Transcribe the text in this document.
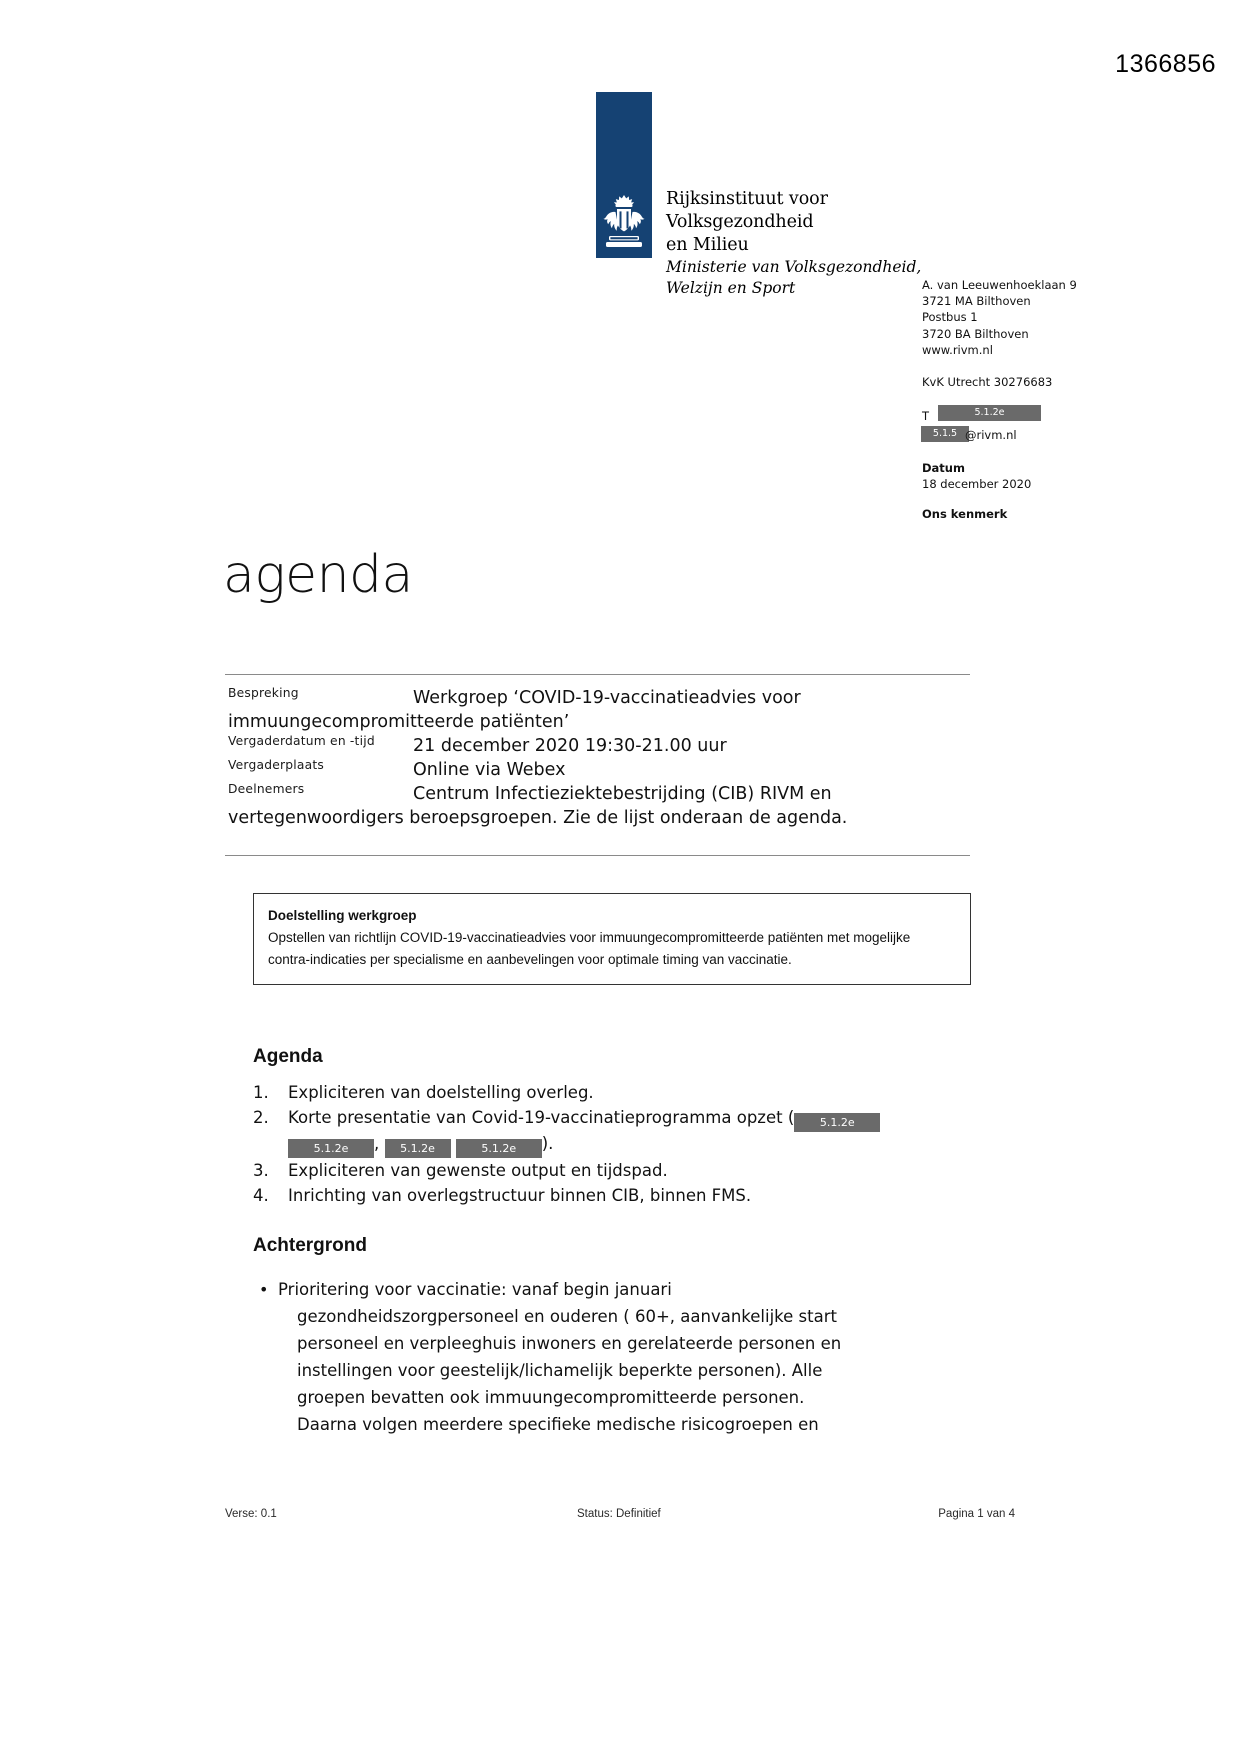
1366856
Rijksinstituut voor Volksgezondheid
en Milieu
Ministerie van Volksgezondheid,
Welzijn en Sport	A. van Leeuwenhoeklaan 9
3721 MA Bilthoven
Postbus 1
3720 BA Bilthoven
www.rivm.nl
KvK Utrecht 30276683
T	5.1.2e
5.1.5 @rivm.nl
Datum
18 december 2020
Ons kenmerk
agenda
Bespreking	Werkgroep ‘COVID-19-vaccinatieadvies voor immuungecompromitteerde patiënten’
Vergaderdatum en -tijd	21 december 2020 19:30-21.00 uur
Vergaderplaats	Online via Webex
Deelnemers	Centrum Infectieziektebestrijding (CIB) RIVM en vertegenwoordigers beroepsgroepen. Zie de lijst onderaan de agenda.
Doelstelling werkgroep
Opstellen van richtlijn COVID-19-vaccinatieadvies voor immuungecompromitteerde patiënten met mogelijke contra-indicaties per specialisme en aanbevelingen voor optimale timing van vaccinatie.
Agenda
1.	Expliciteren van doelstelling overleg.
2.	Korte presentatie van Covid-19-vaccinatieprogramma opzet ( 5.1.2e
5.1.2e , 5.1.2e	5.1.2e ).
3.	Expliciteren van gewenste output en tijdspad.
4.	Inrichting van overlegstructuur binnen CIB, binnen FMS.
Achtergrond
• Prioritering voor vaccinatie: vanaf begin januari
gezondheidszorgpersoneel en ouderen ( 60+, aanvankelijke start
personeel en verpleeghuis inwoners en gerelateerde personen en
instellingen voor geestelijk/lichamelijk beperkte personen). Alle
groepen bevatten ook immuungecompromitteerde personen.
Daarna volgen meerdere specifieke medische risicogroepen en
Verse: 0.1	Status: Definitief	Pagina 1 van 4
